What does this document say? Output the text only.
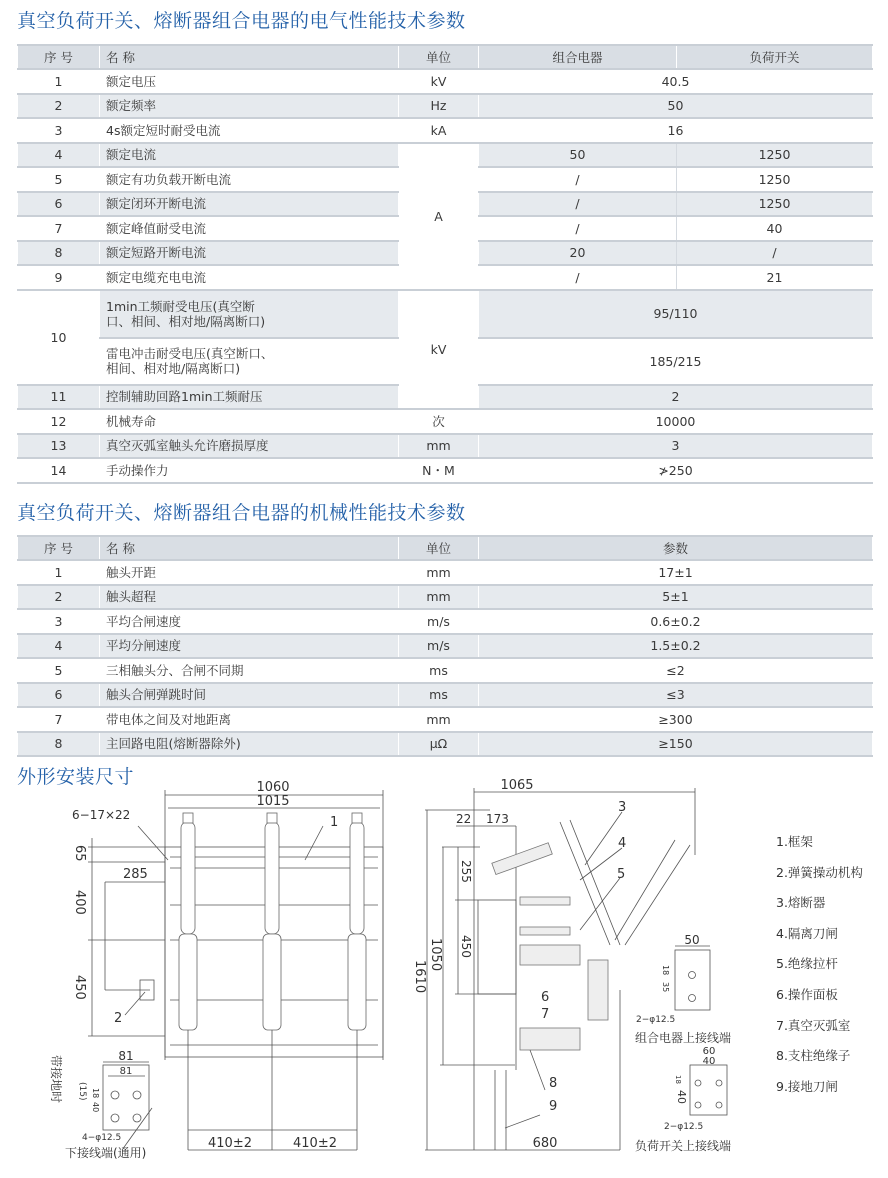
真空负荷开关、熔断器组合电器的电气性能技术参数
序 号	名 称	单位	组合电器	负荷开关
1	额定电压	kV	40.5	
2	额定频率	Hz	50	
3	4s额定短时耐受电流	kA	16	
4	额定电流	A	50	1250
5	额定有功负载开断电流		/	1250
6	额定闭环开断电流		/	1250
7	额定峰值耐受电流		/	40
8	额定短路开断电流		20	/
9	额定电缆充电电流		/	21
10	1min工频耐受电压(真空断口、相间、相对地/隔离断口)	kV	95/110	
	雷电冲击耐受电压(真空断口、相间、相对地/隔离断口)		185/215	
11	控制辅助回路1min工频耐压		2	
12	机械寿命	次	10000	
13	真空灭弧室触头允许磨损厚度	mm	3	
14	手动操作力	N・M	≯250	
真空负荷开关、熔断器组合电器的机械性能技术参数
序 号	名 称	单位	参数
1	触头开距	mm	17±1
2	触头超程	mm	5±1
3	平均合闸速度	m/s	0.6±0.2
4	平均分闸速度	m/s	1.5±0.2
5	三相触头分、合闸不同期	ms	≤2
6	触头合闸弹跳时间	ms	≤3
7	带电体之间及对地距离	mm	≥300
8	主回路电阻(熔断器除外)	μΩ	≥150
外形安装尺寸	1060
1015
6−17×22	1
285
2
65
400
450
410±2	410±2
81
81
(15) 18
40
带接地时
4−φ12.5
下接线端(通用)
1065
22 173
1610
1050
255
450
680
3
4
5
6
7
8
9
50
18
35
2−φ12.5
组合电器上接线端
60
40
18
40
2−φ12.5
负荷开关上接线端
1.框架
2.弹簧操动机构
3.熔断器
4.隔离刀闸
5.绝缘拉杆
6.操作面板
7.真空灭弧室
8.支柱绝缘子
9.接地刀闸
